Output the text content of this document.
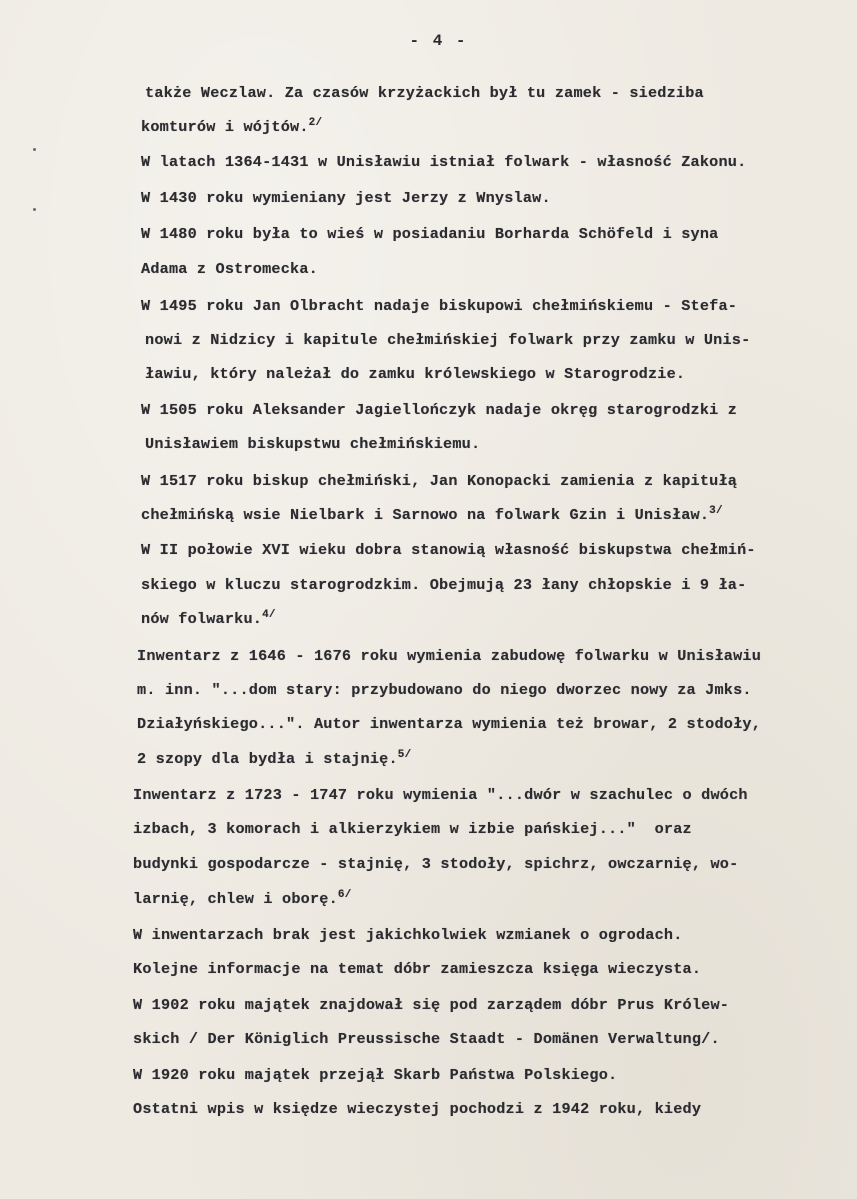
- 4 -
także Weczlaw. Za czasów krzyżackich był tu zamek - siedziba
komturów i wójtów.$^{2/}$
W latach 1364-1431 w Unisławiu istniał folwark - własność Zakonu.
W 1430 roku wymieniany jest Jerzy z Wnyslaw.
W 1480 roku była to wieś w posiadaniu Borharda Schöfeld i syna
Adama z Ostromecka.
W 1495 roku Jan Olbracht nadaje biskupowi chełmińskiemu - Stefa-
nowi z Nidzicy i kapitule chełmińskiej folwark przy zamku w Unis-
ławiu, który należał do zamku królewskiego w Starogrodzie.
W 1505 roku Aleksander Jagiellończyk nadaje okręg starogrodzki z
Unisławiem biskupstwu chełmińskiemu.
W 1517 roku biskup chełmiński, Jan Konopacki zamienia z kapitułą
chełmińską wsie Nielbark i Sarnowo na folwark Gzin i Unisław.$^{3/}$
W II połowie XVI wieku dobra stanowią własność biskupstwa chełmiń-
skiego w kluczu starogrodzkim. Obejmują 23 łany chłopskie i 9 ła-
nów folwarku.$^{4/}$
Inwentarz z 1646 - 1676 roku wymienia zabudowę folwarku w Unisławiu
m. inn. "...dom stary: przybudowano do niego dworzec nowy za Jmks.
Działyńskiego...". Autor inwentarza wymienia też browar, 2 stodoły,
2 szopy dla bydła i stajnię.$^{5/}$
Inwentarz z 1723 - 1747 roku wymienia "...dwór w szachulec o dwóch
izbach, 3 komorach i alkierzykiem w izbie pańskiej..."  oraz
budynki gospodarcze - stajnię, 3 stodoły, spichrz, owczarnię, wo-
larnię, chlew i oborę.$^{6/}$
W inwentarzach brak jest jakichkolwiek wzmianek o ogrodach.
Kolejne informacje na temat dóbr zamieszcza księga wieczysta.
W 1902 roku majątek znajdował się pod zarządem dóbr Prus Królew-
skich / Der Königlich Preussische Staadt - Domänen Verwaltung/.
W 1920 roku majątek przejął Skarb Państwa Polskiego.
Ostatni wpis w księdze wieczystej pochodzi z 1942 roku, kiedy
